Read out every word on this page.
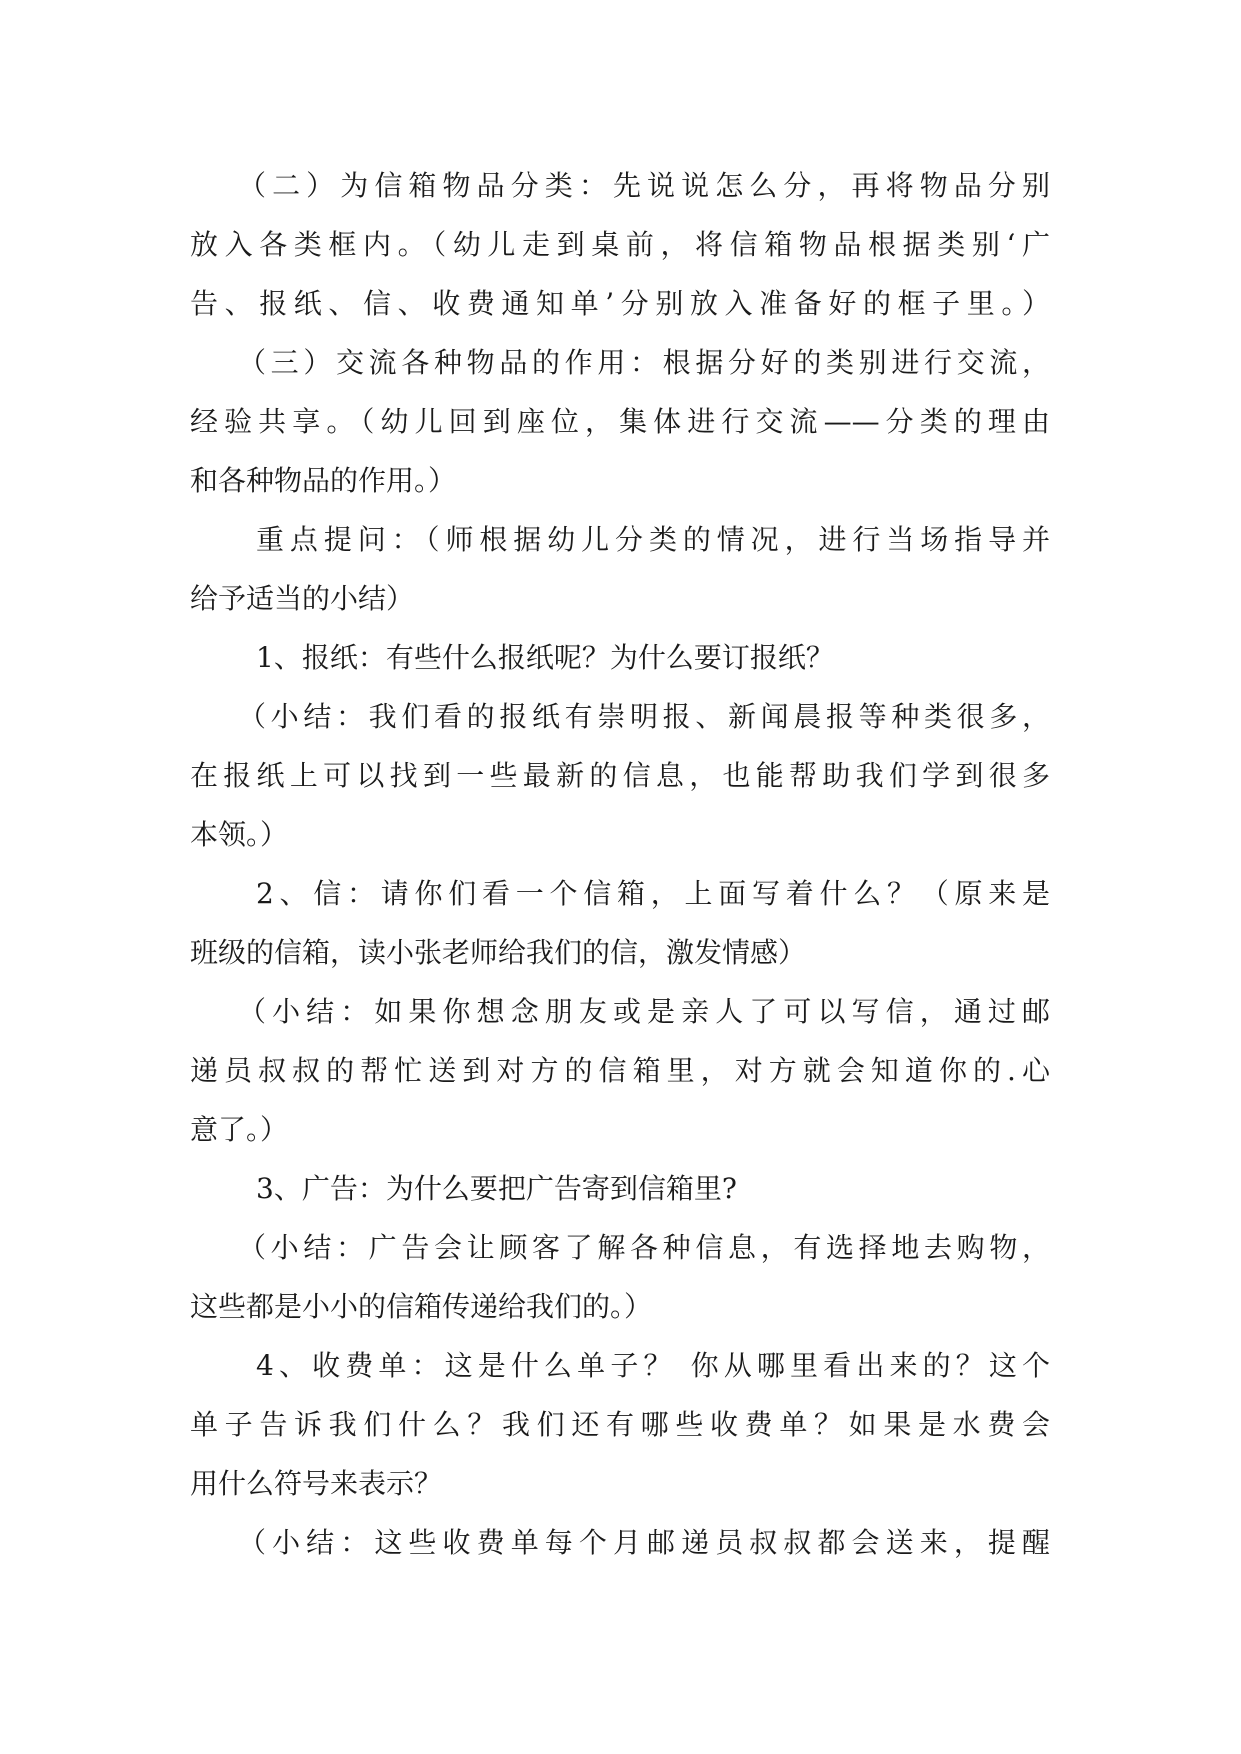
（二）为信箱物品分类：先说说怎么分，再将物品分别
放入各类框内。（幼儿走到桌前，将信箱物品根据类别‘广
告、报纸、信、收费通知单’分别放入准备好的框子里。）
（三）交流各种物品的作用：根据分好的类别进行交流，
经验共享。（幼儿回到座位，集体进行交流——分类的理由
和各种物品的作用。）
重点提问：（师根据幼儿分类的情况，进行当场指导并
给予适当的小结）
1、报纸：有些什么报纸呢？为什么要订报纸？
（小结：我们看的报纸有崇明报、新闻晨报等种类很多，
在报纸上可以找到一些最新的信息，也能帮助我们学到很多
本领。）
2、信：请你们看一个信箱，上面写着什么？（原来是
班级的信箱，读小张老师给我们的信，激发情感）
（小结：如果你想念朋友或是亲人了可以写信，通过邮
递员叔叔的帮忙送到对方的信箱里，对方就会知道你的.心
意了。）
3、广告：为什么要把广告寄到信箱里?
（小结：广告会让顾客了解各种信息，有选择地去购物，
这些都是小小的信箱传递给我们的。）
4、收费单：这是什么单子？ 你从哪里看出来的？这个
单子告诉我们什么？我们还有哪些收费单？如果是水费会
用什么符号来表示？
（小结：这些收费单每个月邮递员叔叔都会送来，提醒
